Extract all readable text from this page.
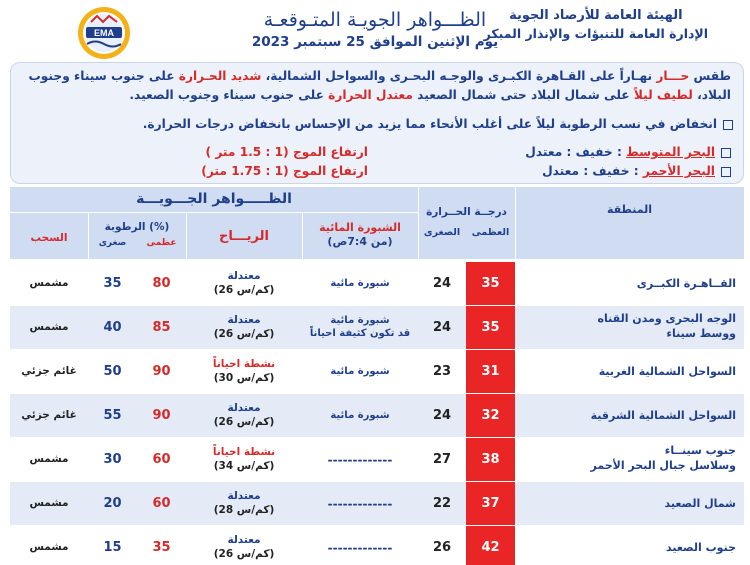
EMA
الظـــواهر الجويـة المتـوقعـة
يوم الإثنين الموافق 25 سبتمبر 2023
الهيئة العامة للأرصاد الجوية
الإدارة العامة للتنبؤات والإنذار المبكر
طقس حـــار نهـاراً على القـاهرة الكبـرى والوجـه البحـرى والسواحل الشمالية، شديد الحـرارة على جنوب سيناء وجنوب البلاد، لطيف ليلاً على شمال البلاد حتى شمال الصعيد معتدل الحرارة على جنوب سيناء وجنوب الصعيد.
انخفاض في نسب الرطوبة ليلاً على أغلب الأنحاء مما يزيد من الإحساس بانخفاض درجات الحرارة.
البحر المتوسط : خفيف : معتدل
ارتفاع الموج (1 : 1.5 متر )
البحر الأحمر : خفيف : معتدل
ارتفاع الموج (1 : 1.75 متر)
الظـــــواهر الجـــويـــة
المنطقة
درجــة الحــرارة
العظمى
الصغرى
الشبورة المائية
(من 7:4ص)
الريـــاح
الرطوبة (%)
عظمى
صغرى
السحب
القــاهـرة الكبــرى
35
24
شبورة مائية
معتدلة
(26 كم/س)
80
35
مشمس
الوجه البحرى ومدن القناه
ووسط سيناء
35
24
شبورة مائية
قد تكون كثيفة احياناً
معتدلة
(26 كم/س)
85
40
مشمس
السواحل الشمالية الغربية
31
23
شبورة مائية
نشطة احياناً
(30 كم/س)
90
50
غائم جزئي
السواحل الشمالية الشرقية
32
24
شبورة مائية
معتدلة
(26 كم/س)
90
55
غائم جزئي
جنوب سينــاء
وسلاسل جبال البحر الأحمر
38
27
-------------
نشطة احياناً
(34 كم/س)
60
30
مشمس
شمال الصعيد
37
22
-------------
معتدلة
(28 كم/س)
60
20
مشمس
جنوب الصعيد
42
26
-------------
معتدلة
(26 كم/س)
35
15
مشمس
